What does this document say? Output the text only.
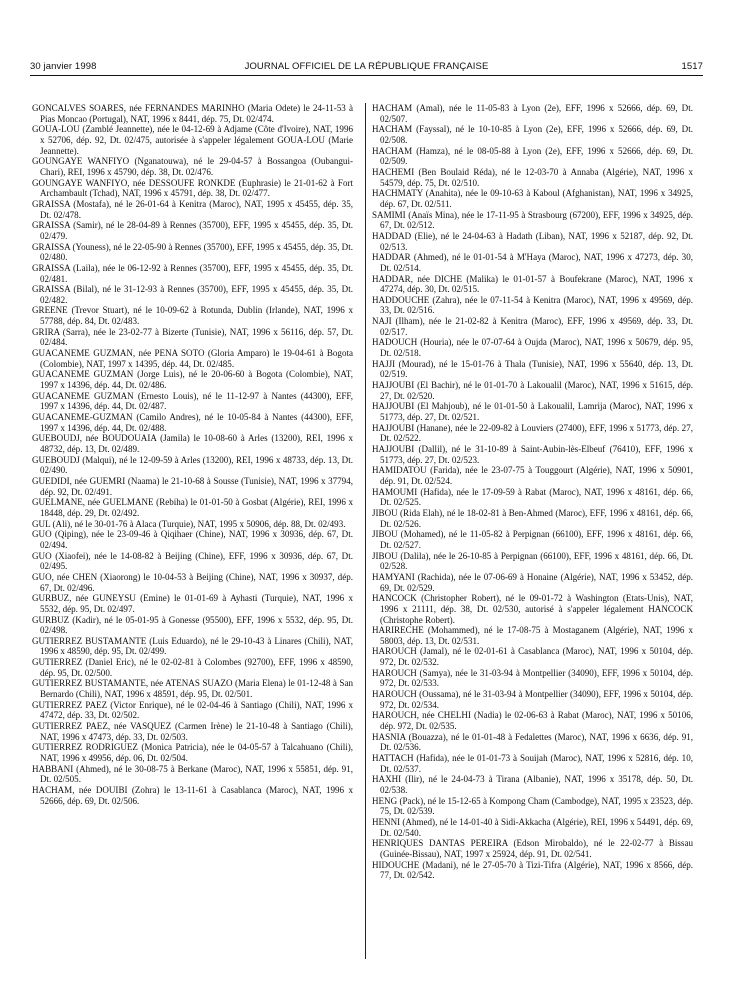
30 janvier 1998	JOURNAL OFFICIEL DE LA RÉPUBLIQUE FRANÇAISE	1517

GONCALVES SOARES, née FERNANDES MARINHO (Maria Odete) le 24-11-53 à Pias Moncao (Portugal), NAT, 1996 x 8441, dép. 75, Dt. 02/474.

GOUA-LOU (Zamblé Jeannette), née le 04-12-69 à Adjame (Côte d'Ivoire), NAT, 1996 x 52706, dép. 92, Dt. 02/475, autorisée à s'appeler légalement GOUA-LOU (Marie Jeannette).

GOUNGAYE WANFIYO (Nganatouwa), né le 29-04-57 à Bossangoa (Oubangui-Chari), REI, 1996 x 45790, dép. 38, Dt. 02/476.

GOUNGAYE WANFIYO, née DESSOUFE RONKDE (Euphrasie) le 21-01-62 à Fort Archambault (Tchad), NAT, 1996 x 45791, dép. 38, Dt. 02/477.

GRAISSA (Mostafa), né le 26-01-64 à Kenitra (Maroc), NAT, 1995 x 45455, dép. 35, Dt. 02/478.

GRAISSA (Samir), né le 28-04-89 à Rennes (35700), EFF, 1995 x 45455, dép. 35, Dt. 02/479.

GRAISSA (Youness), né le 22-05-90 à Rennes (35700), EFF, 1995 x 45455, dép. 35, Dt. 02/480.

GRAISSA (Laila), née le 06-12-92 à Rennes (35700), EFF, 1995 x 45455, dép. 35, Dt. 02/481.

GRAISSA (Bilal), né le 31-12-93 à Rennes (35700), EFF, 1995 x 45455, dép. 35, Dt. 02/482.

GREENE (Trevor Stuart), né le 10-09-62 à Rotunda, Dublin (Irlande), NAT, 1996 x 57788, dép. 84, Dt. 02/483.

GRIRA (Sarra), née le 23-02-77 à Bizerte (Tunisie), NAT, 1996 x 56116, dép. 57, Dt. 02/484.

GUACANEME GUZMAN, née PENA SOTO (Gloria Amparo) le 19-04-61 à Bogota (Colombie), NAT, 1997 x 14395, dép. 44, Dt. 02/485.

GUACANEME GUZMAN (Jorge Luis), né le 20-06-60 à Bogota (Colombie), NAT, 1997 x 14396, dép. 44, Dt. 02/486.

GUACANEME GUZMAN (Ernesto Louis), né le 11-12-97 à Nantes (44300), EFF, 1997 x 14396, dép. 44, Dt. 02/487.

GUACANEME-GUZMAN (Camilo Andres), né le 10-05-84 à Nantes (44300), EFF, 1997 x 14396, dép. 44, Dt. 02/488.

GUEBOUDJ, née BOUDOUAIA (Jamila) le 10-08-60 à Arles (13200), REI, 1996 x 48732, dép. 13, Dt. 02/489.

GUEBOUDJ (Malqui), né le 12-09-59 à Arles (13200), REI, 1996 x 48733, dép. 13, Dt. 02/490.

GUEDIDI, née GUEMRI (Naama) le 21-10-68 à Sousse (Tunisie), NAT, 1996 x 37794, dép. 92, Dt. 02/491.

GUELMANE, née GUELMANE (Rebiha) le 01-01-50 à Gosbat (Algérie), REI, 1996 x 18448, dép. 29, Dt. 02/492.

GUL (Ali), né le 30-01-76 à Alaca (Turquie), NAT, 1995 x 50906, dép. 88, Dt. 02/493.

GUO (Qiping), née le 23-09-46 à Qiqihaer (Chine), NAT, 1996 x 30936, dép. 67, Dt. 02/494.

GUO (Xiaofei), née le 14-08-82 à Beijing (Chine), EFF, 1996 x 30936, dép. 67, Dt. 02/495.

GUO, née CHEN (Xiaorong) le 10-04-53 à Beijing (Chine), NAT, 1996 x 30937, dép. 67, Dt. 02/496.

GURBUZ, née GUNEYSU (Emine) le 01-01-69 à Ayhasti (Turquie), NAT, 1996 x 5532, dép. 95, Dt. 02/497.

GURBUZ (Kadir), né le 05-01-95 à Gonesse (95500), EFF, 1996 x 5532, dép. 95, Dt. 02/498.

GUTIERREZ BUSTAMANTE (Luis Eduardo), né le 29-10-43 à Linares (Chili), NAT, 1996 x 48590, dép. 95, Dt. 02/499.

GUTIERREZ (Daniel Eric), né le 02-02-81 à Colombes (92700), EFF, 1996 x 48590, dép. 95, Dt. 02/500.

GUTIERREZ BUSTAMANTE, née ATENAS SUAZO (Maria Elena) le 01-12-48 à San Bernardo (Chili), NAT, 1996 x 48591, dép. 95, Dt. 02/501.

GUTIERREZ PAEZ (Victor Enrique), né le 02-04-46 à Santiago (Chili), NAT, 1996 x 47472, dép. 33, Dt. 02/502.

GUTIERREZ PAEZ, née VASQUEZ (Carmen Irène) le 21-10-48 à Santiago (Chili), NAT, 1996 x 47473, dép. 33, Dt. 02/503.

GUTIERREZ RODRIGUEZ (Monica Patricia), née le 04-05-57 à Talcahuano (Chili), NAT, 1996 x 49956, dép. 06, Dt. 02/504.

HABBANI (Ahmed), né le 30-08-75 à Berkane (Maroc), NAT, 1996 x 55851, dép. 91, Dt. 02/505.

HACHAM, née DOUIBI (Zohra) le 13-11-61 à Casablanca (Maroc), NAT, 1996 x 52666, dép. 69, Dt. 02/506.

HACHAM (Amal), née le 11-05-83 à Lyon (2e), EFF, 1996 x 52666, dép. 69, Dt. 02/507.

HACHAM (Fayssal), né le 10-10-85 à Lyon (2e), EFF, 1996 x 52666, dép. 69, Dt. 02/508.

HACHAM (Hamza), né le 08-05-88 à Lyon (2e), EFF, 1996 x 52666, dép. 69, Dt. 02/509.

HACHEMI (Ben Boulaid Réda), né le 12-03-70 à Annaba (Algérie), NAT, 1996 x 54579, dép. 75, Dt. 02/510.

HACHMATY (Anahita), née le 09-10-63 à Kaboul (Afghanistan), NAT, 1996 x 34925, dép. 67, Dt. 02/511.

SAMIMI (Anaïs Mina), née le 17-11-95 à Strasbourg (67200), EFF, 1996 x 34925, dép. 67, Dt. 02/512.

HADDAD (Elie), né le 24-04-63 à Hadath (Liban), NAT, 1996 x 52187, dép. 92, Dt. 02/513.

HADDAR (Ahmed), né le 01-01-54 à M'Haya (Maroc), NAT, 1996 x 47273, dép. 30, Dt. 02/514.

HADDAR, née DICHE (Malika) le 01-01-57 à Boufekrane (Maroc), NAT, 1996 x 47274, dép. 30, Dt. 02/515.

HADDOUCHE (Zahra), née le 07-11-54 à Kenitra (Maroc), NAT, 1996 x 49569, dép. 33, Dt. 02/516.

NAJI (Ilham), née le 21-02-82 à Kenitra (Maroc), EFF, 1996 x 49569, dép. 33, Dt. 02/517.

HADOUCH (Houria), née le 07-07-64 à Oujda (Maroc), NAT, 1996 x 50679, dép. 95, Dt. 02/518.

HAJJI (Mourad), né le 15-01-76 à Thala (Tunisie), NAT, 1996 x 55640, dép. 13, Dt. 02/519.

HAJJOUBI (El Bachir), né le 01-01-70 à Lakoualil (Maroc), NAT, 1996 x 51615, dép. 27, Dt. 02/520.

HAJJOUBI (El Mahjoub), né le 01-01-50 à Lakoualil, Lamrija (Maroc), NAT, 1996 x 51773, dép. 27, Dt. 02/521.

HAJJOUBI (Hanane), née le 22-09-82 à Louviers (27400), EFF, 1996 x 51773, dép. 27, Dt. 02/522.

HAJJOUBI (Dallil), né le 31-10-89 à Saint-Aubin-lès-Elbeuf (76410), EFF, 1996 x 51773, dép. 27, Dt. 02/523.

HAMIDATOU (Farida), née le 23-07-75 à Touggourt (Algérie), NAT, 1996 x 50901, dép. 91, Dt. 02/524.

HAMOUMI (Hafida), née le 17-09-59 à Rabat (Maroc), NAT, 1996 x 48161, dép. 66, Dt. 02/525.

JIBOU (Rida Elah), né le 18-02-81 à Ben-Ahmed (Maroc), EFF, 1996 x 48161, dép. 66, Dt. 02/526.

JIBOU (Mohamed), né le 11-05-82 à Perpignan (66100), EFF, 1996 x 48161, dép. 66, Dt. 02/527.

JIBOU (Dalila), née le 26-10-85 à Perpignan (66100), EFF, 1996 x 48161, dép. 66, Dt. 02/528.

HAMYANI (Rachida), née le 07-06-69 à Honaine (Algérie), NAT, 1996 x 53452, dép. 69, Dt. 02/529.

HANCOCK (Christopher Robert), né le 09-01-72 à Washington (Etats-Unis), NAT, 1996 x 21111, dép. 38, Dt. 02/530, autorisé à s'appeler légalement HANCOCK (Christophe Robert).

HARIRECHE (Mohammed), né le 17-08-75 à Mostaganem (Algérie), NAT, 1996 x 58003, dép. 13, Dt. 02/531.

HAROUCH (Jamal), né le 02-01-61 à Casablanca (Maroc), NAT, 1996 x 50104, dép. 972, Dt. 02/532.

HAROUCH (Samya), née le 31-03-94 à Montpellier (34090), EFF, 1996 x 50104, dép. 972, Dt. 02/533.

HAROUCH (Oussama), né le 31-03-94 à Montpellier (34090), EFF, 1996 x 50104, dép. 972, Dt. 02/534.

HAROUCH, née CHELHI (Nadia) le 02-06-63 à Rabat (Maroc), NAT, 1996 x 50106, dép. 972, Dt. 02/535.

HASNIA (Bouazza), né le 01-01-48 à Fedalettes (Maroc), NAT, 1996 x 6636, dép. 91, Dt. 02/536.

HATTACH (Hafida), née le 01-01-73 à Souijah (Maroc), NAT, 1996 x 52816, dép. 10, Dt. 02/537.

HAXHI (Ilir), né le 24-04-73 à Tirana (Albanie), NAT, 1996 x 35178, dép. 50, Dt. 02/538.

HENG (Pack), né le 15-12-65 à Kompong Cham (Cambodge), NAT, 1995 x 23523, dép. 75, Dt. 02/539.

HENNI (Ahmed), né le 14-01-40 à Sidi-Akkacha (Algérie), REI, 1996 x 54491, dép. 69, Dt. 02/540.

HENRIQUES DANTAS PEREIRA (Edson Mirobaldo), né le 22-02-77 à Bissau (Guinée-Bissau), NAT, 1997 x 25924, dép. 91, Dt. 02/541.

HIDOUCHE (Madani), né le 27-05-70 à Tizi-Tifra (Algérie), NAT, 1996 x 8566, dép. 77, Dt. 02/542.
